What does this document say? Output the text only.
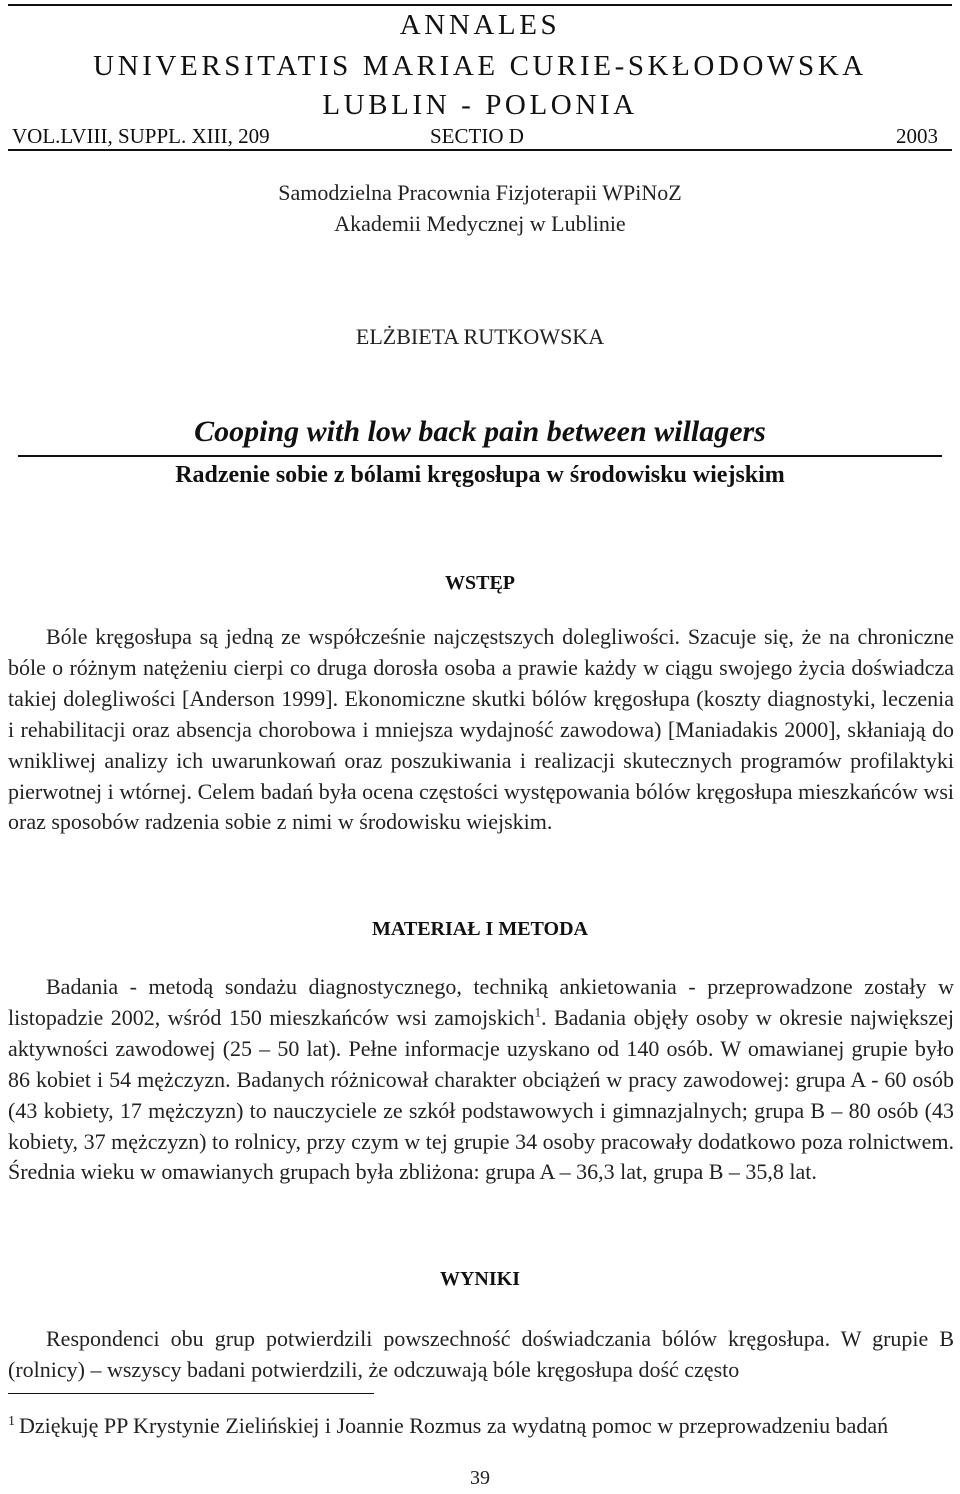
ANNALES
UNIVERSITATIS MARIAE CURIE-SKŁODOWSKA
LUBLIN - POLONIA
VOL.LVIII, SUPPL. XIII, 209	SECTIO D	2003
Samodzielna Pracownia Fizjoterapii WPiNoZ
Akademii Medycznej w Lublinie
ELŻBIETA RUTKOWSKA
Cooping with low back pain between willagers
Radzenie sobie z bólami kręgosłupa w środowisku wiejskim
WSTĘP
Bóle kręgosłupa są jedną ze współcześnie najczęstszych dolegliwości. Szacuje się, że na chroniczne bóle o różnym natężeniu cierpi co druga dorosła osoba a prawie każdy w ciągu swojego życia doświadcza takiej dolegliwości [Anderson 1999]. Ekonomiczne skutki bólów kręgosłupa (koszty diagnostyki, leczenia i rehabilitacji oraz absencja chorobowa i mniejsza wydajność zawodowa) [Maniadakis 2000], skłaniają do wnikliwej analizy ich uwarunkowań oraz poszukiwania i realizacji skutecznych programów profilaktyki pierwotnej i wtórnej. Celem badań była ocena częstości występowania bólów kręgosłupa mieszkańców wsi oraz sposobów radzenia sobie z nimi w środowisku wiejskim.
MATERIAŁ I METODA
Badania - metodą sondażu diagnostycznego, techniką ankietowania - przeprowadzone zostały w listopadzie 2002, wśród 150 mieszkańców wsi zamojskich$^1$. Badania objęły osoby w okresie największej aktywności zawodowej (25 – 50 lat). Pełne informacje uzyskano od 140 osób. W omawianej grupie było 86 kobiet i 54 mężczyzn. Badanych różnicował charakter obciążeń w pracy zawodowej: grupa A - 60 osób (43 kobiety, 17 mężczyzn) to nauczyciele ze szkół podstawowych i gimnazjalnych; grupa B – 80 osób (43 kobiety, 37 mężczyzn) to rolnicy, przy czym w tej grupie 34 osoby pracowały dodatkowo poza rolnictwem. Średnia wieku w omawianych grupach była zbliżona: grupa A – 36,3 lat, grupa B – 35,8 lat.
WYNIKI
Respondenci obu grup potwierdzili powszechność doświadczania bólów kręgosłupa. W grupie B (rolnicy) – wszyscy badani potwierdzili, że odczuwają bóle kręgosłupa dość często
$^1$ Dziękuję PP Krystynie Zielińskiej i Joannie Rozmus za wydatną pomoc w przeprowadzeniu badań
39
